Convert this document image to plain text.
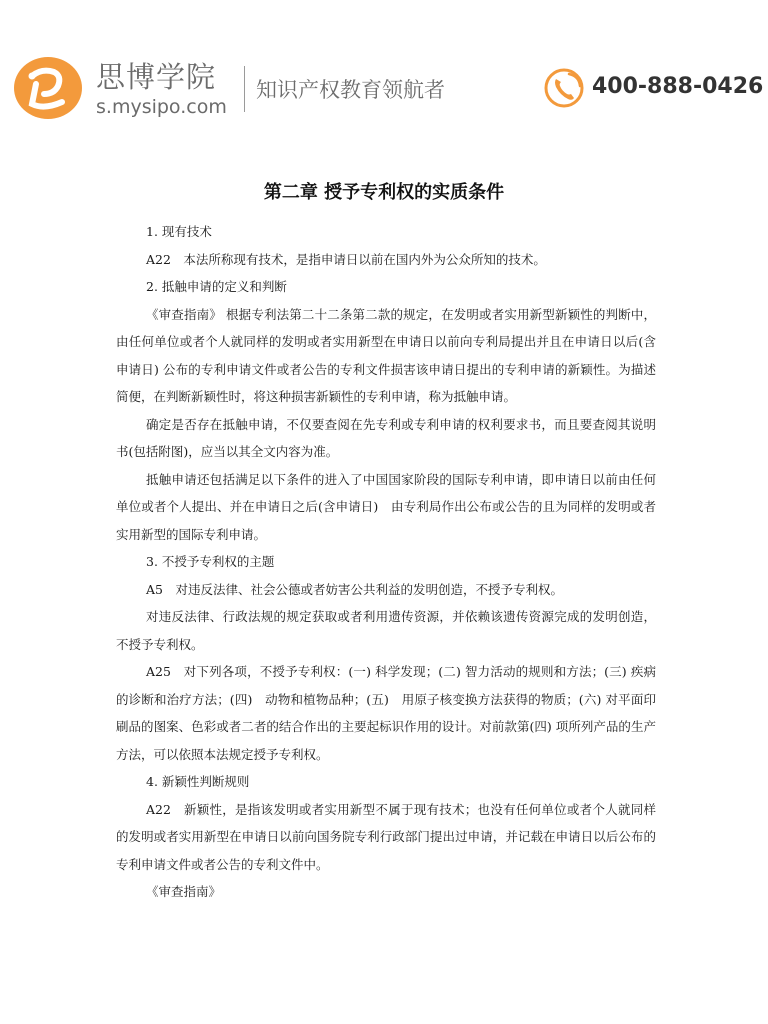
思博学院
s.mysipo.com
知识产权教育领航者	400-888-0426
第二章 授予专利权的实质条件

1. 现有技术

A22　本法所称现有技术，是指申请日以前在国内外为公众所知的技术。

2. 抵触申请的定义和判断

《审查指南》 根据专利法第二十二条第二款的规定，在发明或者实用新型新颖性的判断中，由任何单位或者个人就同样的发明或者实用新型在申请日以前向专利局提出并且在申请日以后(含申请日) 公布的专利申请文件或者公告的专利文件损害该申请日提出的专利申请的新颖性。为描述简便，在判断新颖性时，将这种损害新颖性的专利申请，称为抵触申请。

确定是否存在抵触申请，不仅要查阅在先专利或专利申请的权利要求书，而且要查阅其说明书(包括附图)，应当以其全文内容为准。

抵触申请还包括满足以下条件的进入了中国国家阶段的国际专利申请，即申请日以前由任何单位或者个人提出、并在申请日之后(含申请日)　由专利局作出公布或公告的且为同样的发明或者实用新型的国际专利申请。

3. 不授予专利权的主题

A5　对违反法律、社会公德或者妨害公共利益的发明创造，不授予专利权。

对违反法律、行政法规的规定获取或者利用遗传资源，并依赖该遗传资源完成的发明创造，不授予专利权。

A25　对下列各项，不授予专利权：(一) 科学发现；(二) 智力活动的规则和方法；(三) 疾病的诊断和治疗方法；(四)　动物和植物品种；(五)　用原子核变换方法获得的物质；(六) 对平面印刷品的图案、色彩或者二者的结合作出的主要起标识作用的设计。对前款第(四) 项所列产品的生产方法，可以依照本法规定授予专利权。

4. 新颖性判断规则

A22　新颖性，是指该发明或者实用新型不属于现有技术；也没有任何单位或者个人就同样的发明或者实用新型在申请日以前向国务院专利行政部门提出过申请，并记载在申请日以后公布的专利申请文件或者公告的专利文件中。

《审查指南》
